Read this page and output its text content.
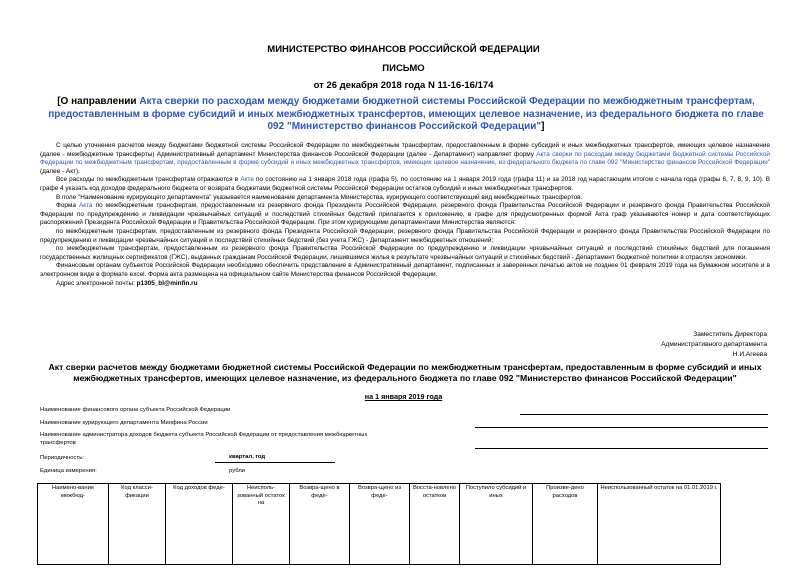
МИНИСТЕРСТВО ФИНАНСОВ РОССИЙСКОЙ ФЕДЕРАЦИИ
ПИСЬМО
от 26 декабря 2018 года N 11-16-16/174
[О направлении Акта сверки по расходам между бюджетами бюджетной системы Российской Федерации по межбюджетным трансфертам, предоставленным в форме субсидий и иных межбюджетных трансфертов, имеющих целевое назначение, из федерального бюджета по главе 092 "Министерство финансов Российской Федерации"]

С целью уточнения расчетов между бюджетами бюджетной системы Российской Федерации по межбюджетным трансфертам, предоставленным в форме субсидий и иных межбюджетных трансфертов, имеющих целевое назначение (далее - межбюджетные трансферты) Административный департамент Министерства финансов Российской Федерации (далее - Департамент) направляет форму Акта сверки по расходам между бюджетами бюджетной системы Российской Федерации по межбюджетным трансфертам, предоставленным в форме субсидий и иных межбюджетных трансфертов, имеющих целевое назначение, из федерального бюджета по главе 092 "Министерство финансов Российской Федерации" (далее - Акт).

Все расходы по межбюджетным трансфертам отражаются в Акте по состоянию на 1 января 2018 года (графа 5), по состоянию на 1 января 2019 года (графа 11) и за 2018 год нарастающим итогом с начала года (графы 6, 7, 8, 9, 10). В графе 4 указать код доходов федерального бюджета от возврата бюджетами бюджетной системы Российской Федерации остатков субсидий и иных межбюджетных трансфертов.

В поле "Наименование курирующего департамента" указывается наименование департамента Министерства, курирующего соответствующий вид межбюджетных трансфертов.

Форма Акта по межбюджетным трансфертам, предоставленным из резервного фонда Президента Российской Федерации, резервного фонда Правительства Российской Федерации и резервного фонда Правительства Российской Федерации по предупреждению и ликвидации чрезвычайных ситуаций и последствий стихийных бедствий прилагается к приложению, в графе для предусмотренных формой Акта граф указываются номер и дата соответствующих распоряжений Президента Российской Федерации и Правительства Российской Федерации. При этом курирующими департаментами Министерства являются:

по межбюджетным трансфертам, предоставленным из резервного фонда Президента Российской Федерации, резервного фонда Правительства Российской Федерации и резервного фонда Правительства Российской Федерации по предупреждению и ликвидации чрезвычайных ситуаций и последствий стихийных бедствий (без учета ГЖС) - Департамент межбюджетных отношений;

по межбюджетным трансфертам, предоставленным из резервного фонда Правительства Российской Федерации по предупреждению и ликвидации чрезвычайных ситуаций и последствий стихийных бедствий для погашения государственных жилищных сертификатов (ГЖС), выданных гражданам Российской Федерации, лишившимся жилья в результате чрезвычайных ситуаций и стихийных бедствий - Департамент бюджетной политики в отраслях экономики.

Финансовым органам субъектов Российской Федерации необходимо обеспечить представление в Административный департамент, подписанных и заверенных печатью актов не позднее 01 февраля 2019 года на бумажном носителе и в электронном виде в формате excel. Форма акта размещена на официальном сайте Министерства финансов Российской Федерации.

Адрес электронной почты: p1305_bl@minfin.ru

Заместитель Директора
Административного департамента
Н.И.Агеева
Акт сверки расчетов между бюджетами бюджетной системы Российской Федерации по межбюджетным трансфертам, предоставленным в форме субсидий и иных межбюджетных трансфертов, имеющих целевое назначение, из федерального бюджета по главе 092 "Министерство финансов Российской Федерации"
на 1 января 2019 года
Наименование финансового органа субъекта Российской Федерации
Наименование курирующего департамента Минфина России
Наименование администратора доходов бюджета субъекта Российской Федерации от предоставления межбюджетных трансфертов
Периодичность:	квартал, год
Единица измерения:	рубли
Наимено-вание межбюд-	Код класси-фикации	Код доходов феде-	Неисполь-зованный остаток на	Возвра-щено в феде-	Возвра-щено из феде-	Восста-новлено остатков	Поступило субсидий и иных	Произве-дено расходов	Неиспользованный остаток на 01.01.2019 г.
